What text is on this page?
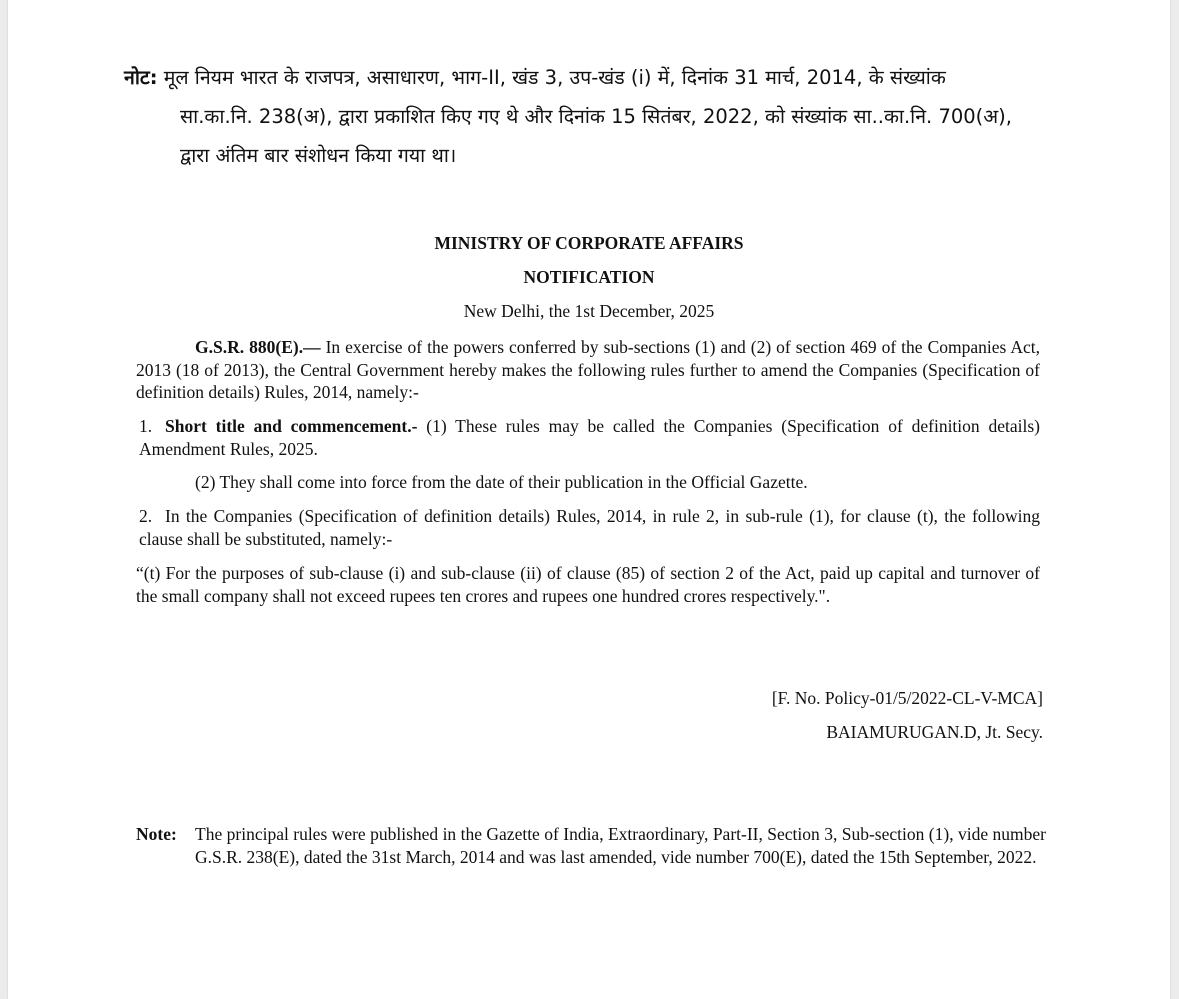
नोट: मूल नियम भारत के राजपत्र, असाधारण, भाग-II, खंड 3, उप-खंड (i) में, दिनांक 31 मार्च, 2014, के संख्यांक
सा.का.नि. 238(अ), द्वारा प्रकाशित किए गए थे और दिनांक 15 सितंबर, 2022, को संख्यांक सा..का.नि. 700(अ),
द्वारा अंतिम बार संशोधन किया गया था।
MINISTRY OF CORPORATE AFFAIRS
NOTIFICATION
New Delhi, the 1st December, 2025
G.S.R. 880(E).— In exercise of the powers conferred by sub-sections (1) and (2) of section 469 of the Companies Act, 2013 (18 of 2013), the Central Government hereby makes the following rules further to amend the Companies (Specification of definition details) Rules, 2014, namely:-
1. Short title and commencement.- (1) These rules may be called the Companies (Specification of definition details) Amendment Rules, 2025.
(2) They shall come into force from the date of their publication in the Official Gazette.
2. In the Companies (Specification of definition details) Rules, 2014, in rule 2, in sub-rule (1), for clause (t), the following clause shall be substituted, namely:-
“(t) For the purposes of sub-clause (i) and sub-clause (ii) of clause (85) of section 2 of the Act, paid up capital and turnover of the small company shall not exceed rupees ten crores and rupees one hundred crores respectively.".
[F. No. Policy-01/5/2022-CL-V-MCA]
BAIAMURUGAN.D, Jt. Secy.
Note: The principal rules were published in the Gazette of India, Extraordinary, Part-II, Section 3, Sub-section (1), vide number G.S.R. 238(E), dated the 31st March, 2014 and was last amended, vide number 700(E), dated the 15th September, 2022.
